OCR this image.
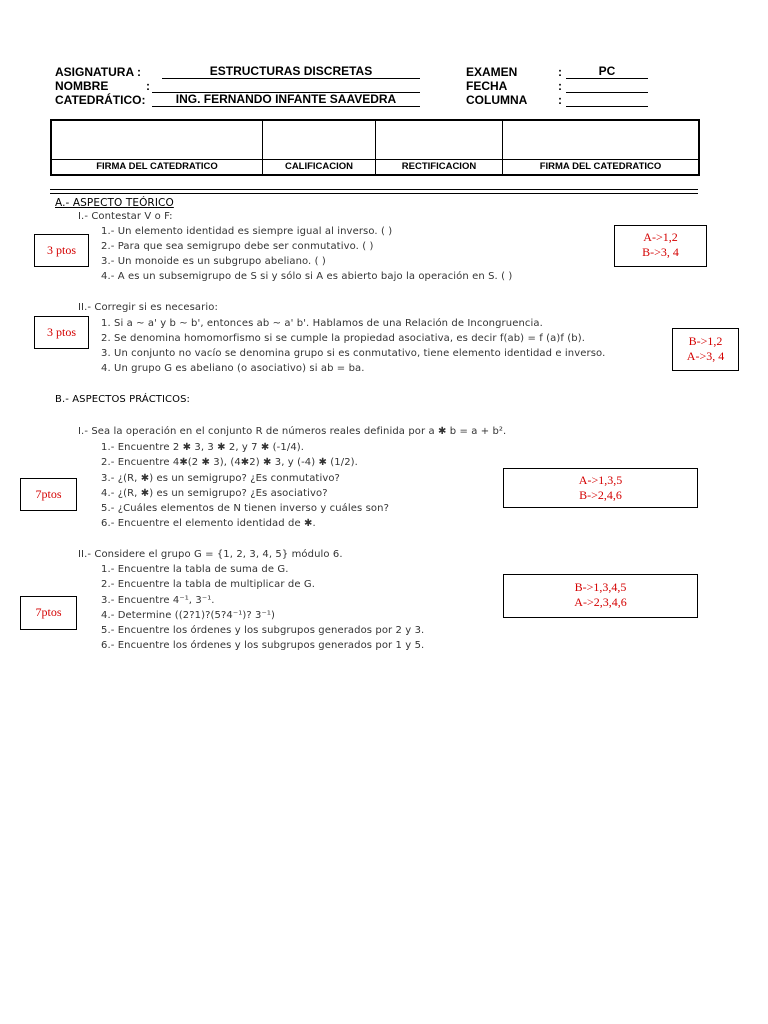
ASIGNATURA :	ESTRUCTURAS DISCRETAS
NOMBRE	:
CATEDRÁTICO:	ING. FERNANDO INFANTE SAAVEDRA
EXAMEN	:	PC
FECHA	:
COLUMNA	:
FIRMA DEL CATEDRATICO	CALIFICACION	RECTIFICACION	FIRMA DEL CATEDRATICO
A.- ASPECTO TEÓRICO
I.- Contestar V o F:
1.- Un elemento identidad es siempre igual al inverso. ( )
2.- Para que sea semigrupo debe ser conmutativo. ( )
3.- Un monoide es un subgrupo abeliano. ( )
4.- A es un subsemigrupo de S si y sólo si A es abierto bajo la operación en S. ( )
3 ptos
A->1,2
B->3, 4
II.- Corregir si es necesario:
1. Si a ~ a' y b ~ b', entonces ab ~ a' b'. Hablamos de una Relación de Incongruencia.
2. Se denomina homomorfismo si se cumple la propiedad asociativa, es decir f(ab) = f (a)f (b).
3. Un conjunto no vacío se denomina grupo si es conmutativo, tiene elemento identidad e inverso.
4. Un grupo G es abeliano (o asociativo) si ab = ba.
3 ptos
B->1,2
A->3, 4
B.- ASPECTOS PRÁCTICOS:
I.- Sea la operación en el conjunto R de números reales definida por a ✱ b = a + b².
1.- Encuentre 2 ✱ 3, 3 ✱ 2, y 7 ✱ (-1/4).
2.- Encuentre 4✱(2 ✱ 3), (4✱2) ✱ 3, y (-4) ✱ (1/2).
3.- ¿(R, ✱) es un semigrupo? ¿Es conmutativo?
4.- ¿(R, ✱) es un semigrupo? ¿Es asociativo?
5.- ¿Cuáles elementos de N tienen inverso y cuáles son?
6.- Encuentre el elemento identidad de ✱.
7ptos
A->1,3,5
B->2,4,6
II.- Considere el grupo G = {1, 2, 3, 4, 5} módulo 6.
1.- Encuentre la tabla de suma de G.
2.- Encuentre la tabla de multiplicar de G.
3.- Encuentre 4⁻¹, 3⁻¹.
4.- Determine ((2?1)?(5?4⁻¹)? 3⁻¹)
5.- Encuentre los órdenes y los subgrupos generados por 2 y 3.
6.- Encuentre los órdenes y los subgrupos generados por 1 y 5.
7ptos
B->1,3,4,5
A->2,3,4,6
